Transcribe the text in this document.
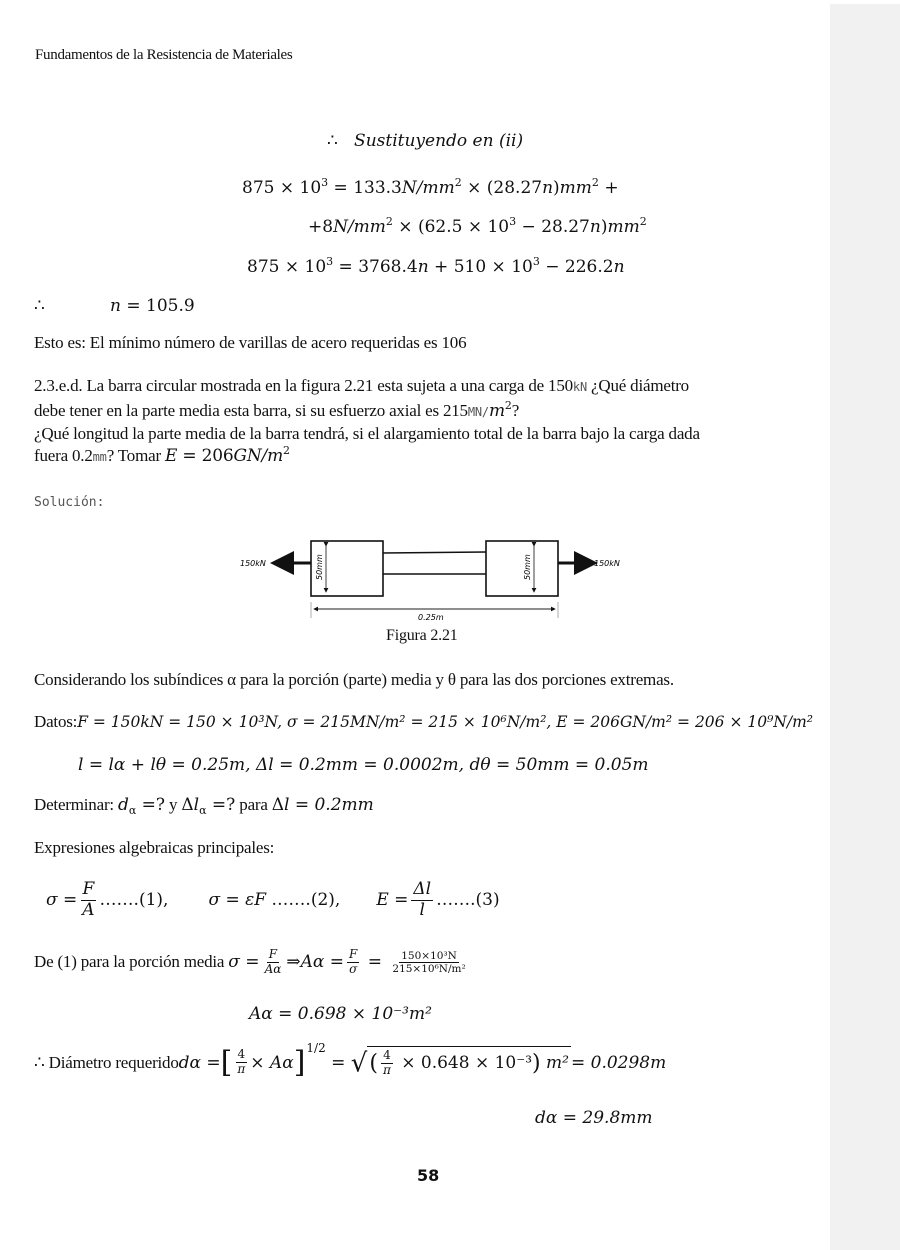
Fundamentos de la Resistencia de Materiales
∴ Sustituyendo en (ii)
$875 \times 10^3 = 133.3N/mm^2 \times (28.27n)mm^2$ +
$+8N/mm^2 \times (62.5 \times 10^3 - 28.27n)mm^2$
$875 \times 10^3 = 3768.4n + 510 \times 10^3 - 226.2n$
∴	n = 105.9
Esto es: El mínimo número de varillas de acero requeridas es 106
2.3.e.d. La barra circular mostrada en la figura 2.21 esta sujeta a una carga de 150kN ¿Qué diámetro
debe tener en la parte media esta barra, si su esfuerzo axial es $215MN/m^2$?
¿Qué longitud la parte media de la barra tendrá, si el alargamiento total de la barra bajo la carga dada
fuera 0.2mm? Tomar $E = 206GN/m^2$
Solución:
150kN	150kN
50mm	50mm
0.25m
Figura 2.21
Considerando los subíndices α para la porción (parte) media y θ para las dos porciones extremas.
Datos:F = 150kN = 150 × 10³N, σ = 215MN/m² = 215 × 10⁶N/m², E = 206GN/m² = 206 × 10⁹N/m²
l = lα + lθ = 0.25m, Δl = 0.2mm = 0.0002m, dθ = 50mm = 0.05m
Determinar: $d_\alpha$ =? y $\Delta l_\alpha$ =? para Δl = 0.2mm
Expresiones algebraicas principales:
$\sigma = \frac{F}{A}$ …….(1), σ = εF …….(2), $E = \frac{\Delta l}{l}$ …….(3)
De (1) para la porción media
$\sigma = \frac{F}{A\alpha}$ ⇒ $A\alpha = \frac{F}{\sigma} = \frac{\text{150×10³N}}{\text{215×10⁶N/m²}}$
Aα = 0.698 × 10⁻³m²
∴ Diámetro requerido dα = [ $\frac{4}{\pi} \times A\alpha$ ] 1/2
= √( $\frac{4}{\pi} \times 0.648 \times 10^{-3}$) m² = 0.0298m
dα = 29.8mm
58
